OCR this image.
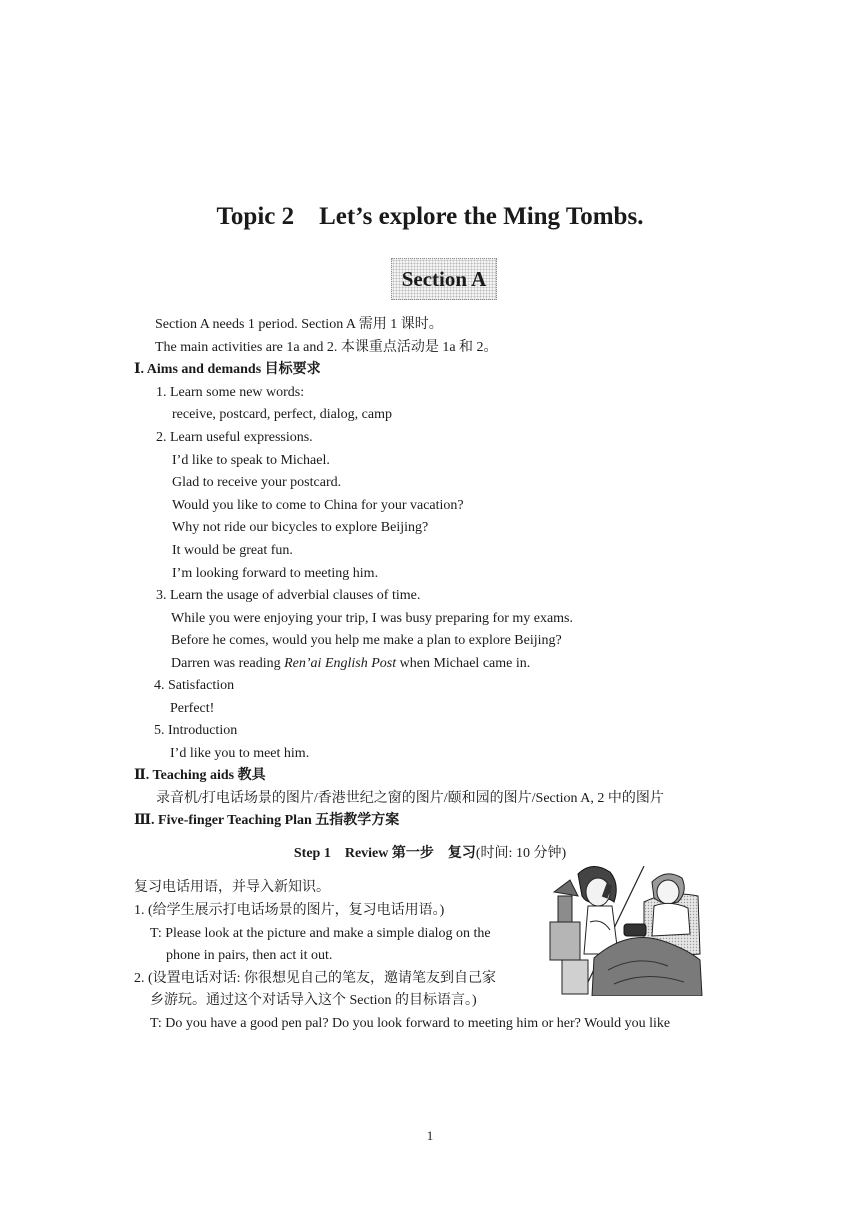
Topic 2　Let’s explore the Ming Tombs.
Section A
Section A needs 1 period. Section A 需用 1 课时。
The main activities are 1a and 2. 本课重点活动是 1a 和 2。
Ⅰ. Aims and demands 目标要求
1. Learn some new words:
receive, postcard, perfect, dialog, camp
2. Learn useful expressions.
I’d like to speak to Michael.
Glad to receive your postcard.
Would you like to come to China for your vacation?
Why not ride our bicycles to explore Beijing?
It would be great fun.
I’m looking forward to meeting him.
3. Learn the usage of adverbial clauses of time.
While you were enjoying your trip, I was busy preparing for my exams.
Before he comes, would you help me make a plan to explore Beijing?
Darren was reading Ren’ai English Post when Michael came in.
4. Satisfaction
Perfect!
5. Introduction
I’d like you to meet him.
Ⅱ. Teaching aids 教具
录音机/打电话场景的图片/香港世纪之窗的图片/颐和园的图片/Section A, 2 中的图片
Ⅲ. Five-finger Teaching Plan 五指教学方案
Step 1　Review 第一步　复习(时间: 10 分钟)
复习电话用语，并导入新知识。
1. (给学生展示打电话场景的图片，复习电话用语。)
T: Please look at the picture and make a simple dialog on the
phone in pairs, then act it out.
2. (设置电话对话: 你很想见自己的笔友，邀请笔友到自己家
乡游玩。通过这个对话导入这个 Section 的目标语言。)
T: Do you have a good pen pal? Do you look forward to meeting him or her? Would you like
1
